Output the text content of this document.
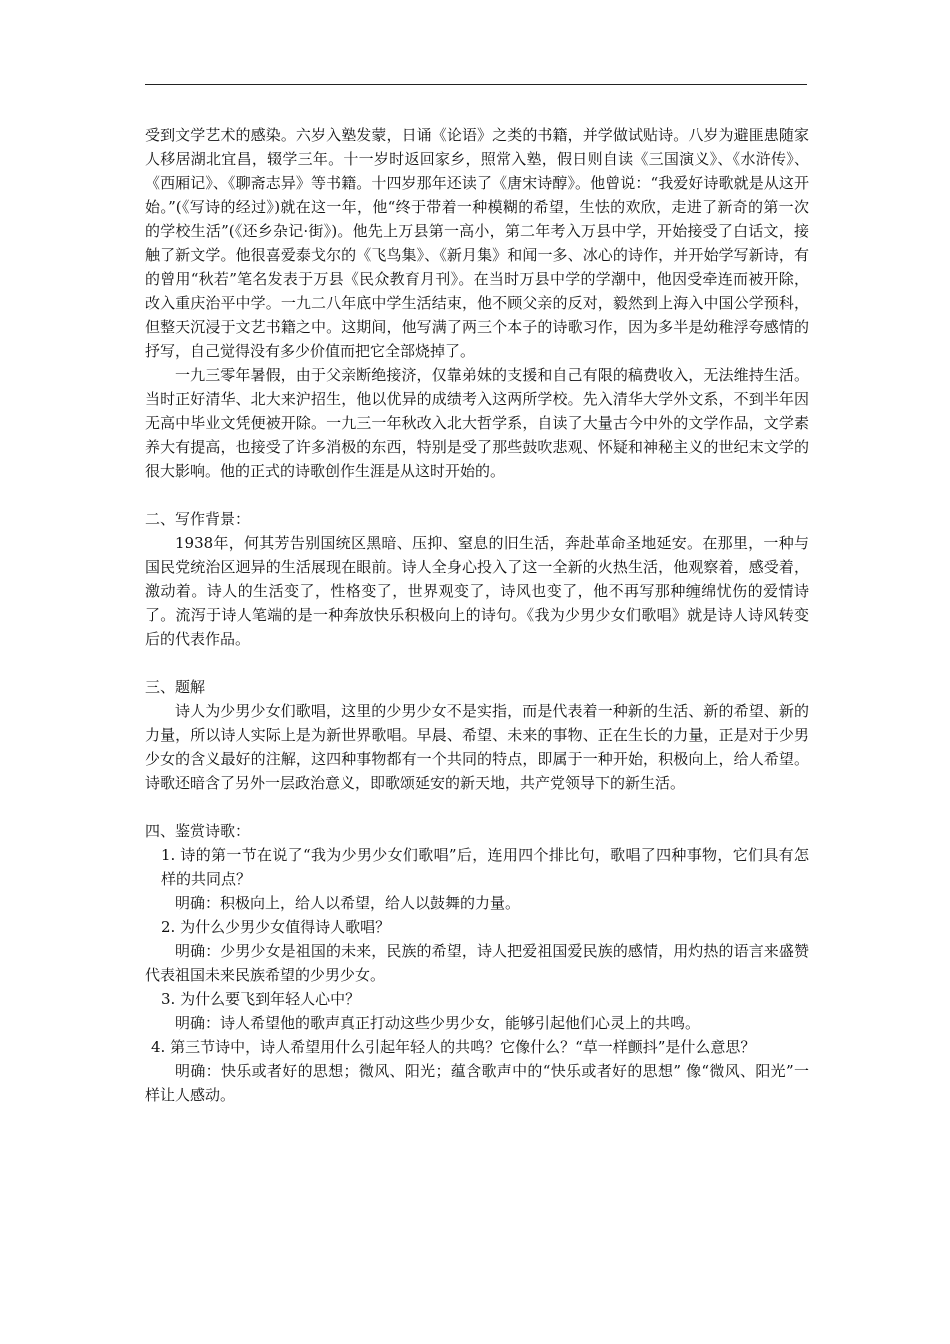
受到文学艺术的感染。六岁入塾发蒙，日诵《论语》之类的书籍，并学做试贴诗。八岁为避匪患随家人移居湖北宜昌，辍学三年。十一岁时返回家乡，照常入塾，假日则自读《三国演义》、《水浒传》、《西厢记》、《聊斋志异》等书籍。十四岁那年还读了《唐宋诗醇》。他曾说：“我爱好诗歌就是从这开始。”(《写诗的经过》)就在这一年，他“终于带着一种模糊的希望，生怯的欢欣，走进了新奇的第一次的学校生活”(《还乡杂记·街》)。他先上万县第一高小，第二年考入万县中学，开始接受了白话文，接触了新文学。他很喜爱泰戈尔的《飞鸟集》、《新月集》和闻一多、冰心的诗作，并开始学写新诗，有的曾用“秋若”笔名发表于万县《民众教育月刊》。在当时万县中学的学潮中，他因受牵连而被开除，改入重庆治平中学。一九二八年底中学生活结束，他不顾父亲的反对，毅然到上海入中国公学预科，但整天沉浸于文艺书籍之中。这期间，他写满了两三个本子的诗歌习作，因为多半是幼稚浮夸感情的抒写，自己觉得没有多少价值而把它全部烧掉了。

一九三零年暑假，由于父亲断绝接济，仅靠弟妹的支援和自己有限的稿费收入，无法维持生活。当时正好清华、北大来沪招生，他以优异的成绩考入这两所学校。先入清华大学外文系，不到半年因无高中毕业文凭便被开除。一九三一年秋改入北大哲学系，自读了大量古今中外的文学作品，文学素养大有提高，也接受了许多消极的东西，特别是受了那些鼓吹悲观、怀疑和神秘主义的世纪末文学的很大影响。他的正式的诗歌创作生涯是从这时开始的。

二、写作背景：

1938年，何其芳告别国统区黑暗、压抑、窒息的旧生活，奔赴革命圣地延安。在那里，一种与国民党统治区迥异的生活展现在眼前。诗人全身心投入了这一全新的火热生活，他观察着，感受着，激动着。诗人的生活变了，性格变了，世界观变了，诗风也变了，他不再写那种缠绵忧伤的爱情诗了。流泻于诗人笔端的是一种奔放快乐积极向上的诗句。《我为少男少女们歌唱》就是诗人诗风转变后的代表作品。

三、题解

诗人为少男少女们歌唱，这里的少男少女不是实指，而是代表着一种新的生活、新的希望、新的力量，所以诗人实际上是为新世界歌唱。早晨、希望、未来的事物、正在生长的力量，正是对于少男少女的含义最好的注解，这四种事物都有一个共同的特点，即属于一种开始，积极向上，给人希望。诗歌还暗含了另外一层政治意义，即歌颂延安的新天地，共产党领导下的新生活。

四、鉴赏诗歌：

1. 诗的第一节在说了“我为少男少女们歌唱”后，连用四个排比句，歌唱了四种事物，它们具有怎样的共同点？

明确：积极向上，给人以希望，给人以鼓舞的力量。

2. 为什么少男少女值得诗人歌唱？

明确：少男少女是祖国的未来，民族的希望，诗人把爱祖国爱民族的感情，用灼热的语言来盛赞代表祖国未来民族希望的少男少女。

3. 为什么要飞到年轻人心中？

明确：诗人希望他的歌声真正打动这些少男少女，能够引起他们心灵上的共鸣。

4. 第三节诗中，诗人希望用什么引起年轻人的共鸣？它像什么？“草一样颤抖”是什么意思？

明确：快乐或者好的思想；微风、阳光；蕴含歌声中的“快乐或者好的思想” 像“微风、阳光”一样让人感动。
